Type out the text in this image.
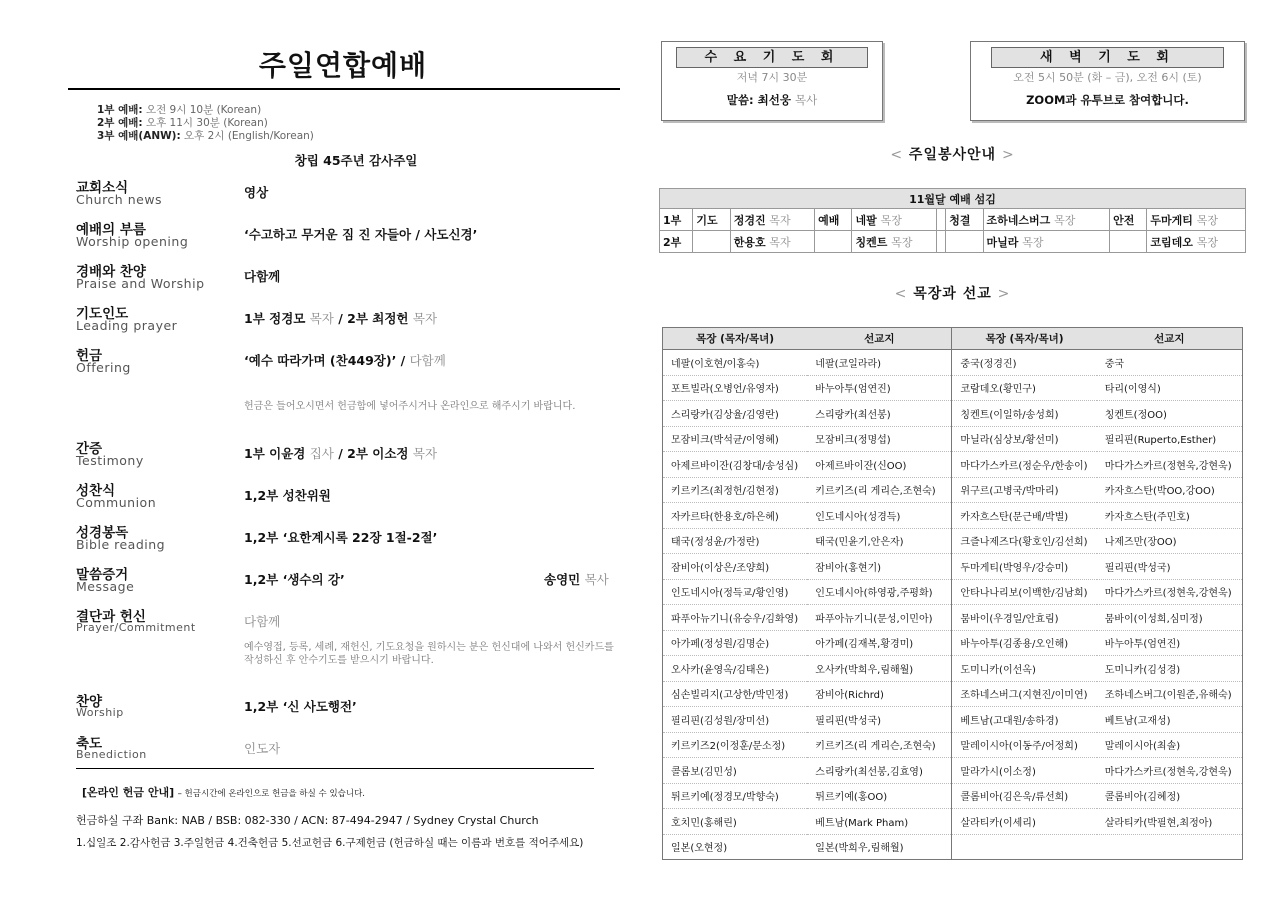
주일연합예배
1부 예배: 오전 9시 10분 (Korean)
2부 예배: 오후 11시 30분 (Korean)
3부 예배(ANW): 오후 2시 (English/Korean)
창립 45주년 감사주일
교회소식
Church news	영상
예배의 부름
Worship opening	‘수고하고 무거운 짐 진 자들아 / 사도신경’
경배와 찬양
Praise and Worship	다함께
기도인도
Leading prayer	1부 정경모 목자 / 2부 최정헌 목자
헌금
Offering	‘예수 따라가며 (찬449장)’ / 다함께
헌금은 들어오시면서 헌금함에 넣어주시거나 온라인으로 해주시기 바랍니다.
간증
Testimony	1부 이윤경 집사 / 2부 이소정 목자
성찬식
Communion	1,2부 성찬위원
성경봉독
Bible reading	1,2부 ‘요한계시록 22장 1절-2절’
말씀증거
Message	1,2부 ‘생수의 강’	송영민 목사
결단과 헌신
Prayer/Commitment	다함께
예수영접, 등록, 세례, 재헌신, 기도요청을 원하시는 분은 헌신대에 나와서 헌신카드를 작성하신 후 안수기도를 받으시기 바랍니다.
찬양
Worship	1,2부 ‘신 사도행전’
축도
Benediction	인도자
[온라인 헌금 안내] – 헌금시간에 온라인으로 헌금을 하실 수 있습니다.
헌금하실 구좌 Bank: NAB / BSB: 082-330 / ACN: 87-494-2947 / Sydney Crystal Church
1.십일조 2.감사헌금 3.주일헌금 4.건축헌금 5.선교헌금 6.구제헌금 (헌금하실 때는 이름과 번호를 적어주세요)
수 요 기 도 회
저녁 7시 30분
말씀: 최선웅 목사
새 벽 기 도 회
오전 5시 50분 (화 – 금), 오전 6시 (토)
ZOOM과 유투브로 참여합니다.
< 주일봉사안내 >
11월달 예배 섬김									
1부	기도	정경진 목자	예배	네팔 목장		청결	조하네스버그 목장	안전	두마게티 목장
2부		한용호 목자		칭켄트 목장			마닐라 목장		코림데오 목장
< 목장과 선교 >
목장 (목자/목녀)	선교지	목장 (목자/목녀)	선교지
네팔(이호현/이홍숙)	네팔(코일라라)	중국(정경진)	중국
포트빌라(오병언/유영자)	바누아투(엄연진)	코람데오(황민구)	타리(이영식)
스리랑카(김상율/김영란)	스리랑카(최선봉)	칭켄트(이일하/송성희)	칭켄트(정OO)
모잠비크(박석균/이영혜)	모잠비크(정명섭)	마닐라(심상보/황선미)	필리핀(Ruperto,Esther)
아제르바이잔(김창대/송성심)	아제르바이잔(신OO)	마다가스카르(정순우/한송이)	마다가스카르(정현욱,강현욱)
키르키즈(최정헌/김현정)	키르키즈(리 게리슨,조현숙)	위구르(고병국/박마리)	카자흐스탄(박OO,강OO)
자카르타(한용호/하은혜)	인도네시아(성경득)	카자흐스탄(문근배/박별)	카자흐스탄(주민호)
태국(정성윤/가정란)	태국(민윤기,안은자)	크즐나제즈다(황호인/김선희)	나제즈만(장OO)
잠비아(이상은/조양희)	잠비아(홍현기)	두마게티(박영우/강승미)	필리핀(박성국)
인도네시아(정득교/황인영)	인도네시아(하영광,주평화)	안타나나리보(이백한/김남희)	마다가스카르(정현욱,강현욱)
파푸아뉴기니(유승우/김화영)	파푸아뉴기니(문성,이민아)	뭄바이(우경일/안효림)	뭄바이(이성희,심미정)
아가페(정성원/김명순)	아가페(김재복,황경미)	바누아투(김종용/오인해)	바누아투(엄연진)
오사카(윤영옥/김태은)	오사카(박희우,림해월)	도미니카(이선옥)	도미니카(김성경)
심손빌리지(고상한/박민정)	잠비아(Richrd)	조하네스버그(지현진/이미연)	조하네스버그(이원준,유해숙)
필리핀(김성원/장미선)	필리핀(박성국)	베트남(고대원/송하경)	베트남(고재성)
키르키즈2(이정훈/문소정)	키르키즈(리 게리슨,조현숙)	말레이시아(이동주/어정희)	말레이시아(최솔)
콜롬보(김민성)	스리랑카(최선봉,김효영)	말라가시(이소정)	마다가스카르(정현욱,강현욱)
튀르키예(정경모/박향숙)	튀르키예(홍OO)	콜롬비아(김은욱/류선희)	콜롬비아(김혜정)
호치민(홍해린)	베트남(Mark Pham)	살라티카(이세리)	살라티카(박필현,최정아)
일본(오현정)	일본(박희우,림해월)		
